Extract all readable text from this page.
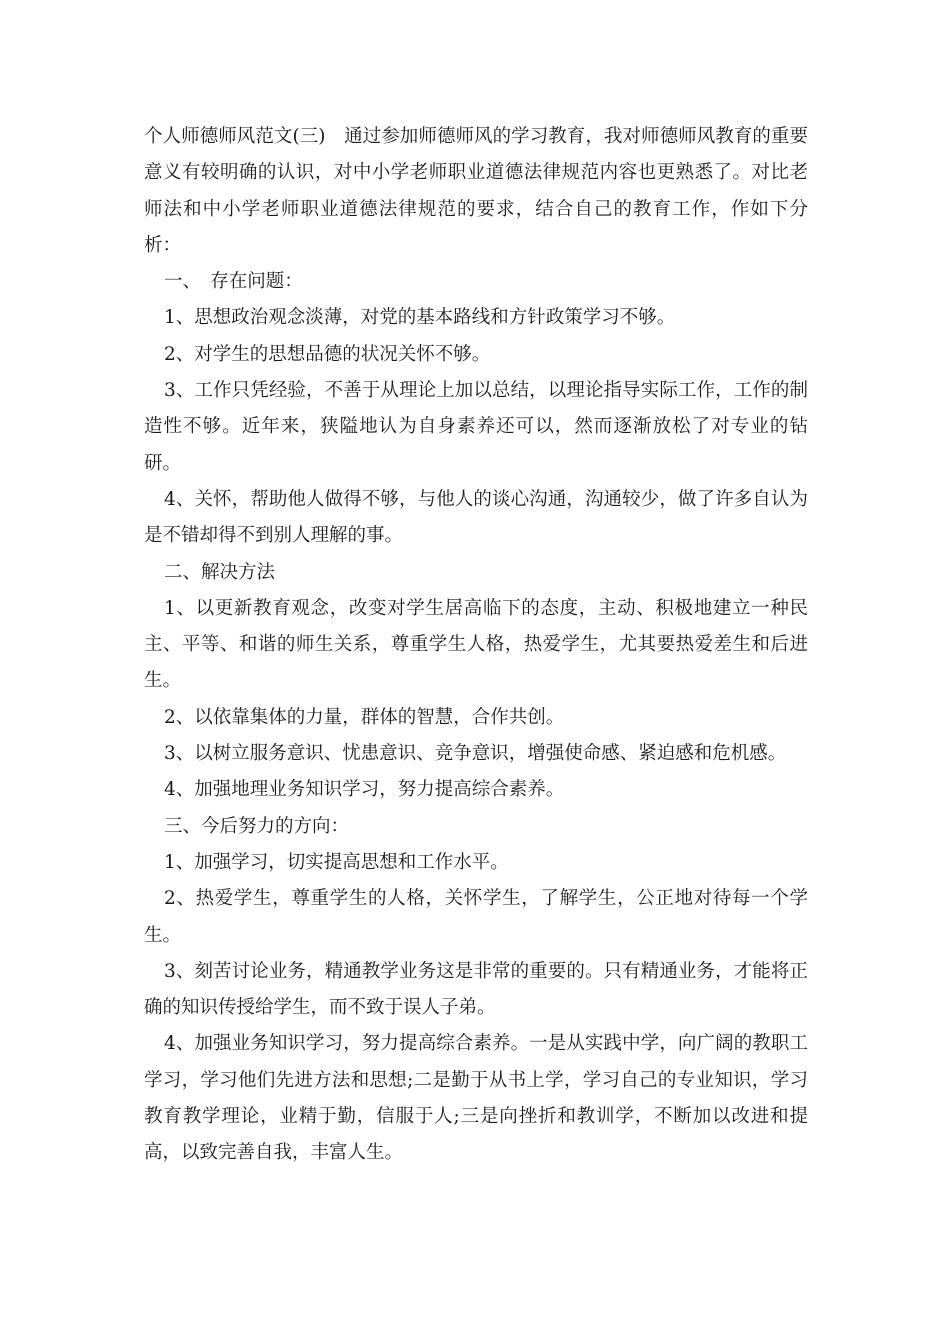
个人师德师风范文(三)　通过参加师德师风的学习教育，我对师德师风教育的重要意义有较明确的认识，对中小学老师职业道德法律规范内容也更熟悉了。对比老师法和中小学老师职业道德法律规范的要求，结合自己的教育工作，作如下分析：

一、　存在问题：

1、思想政治观念淡薄，对党的基本路线和方针政策学习不够。

2、对学生的思想品德的状况关怀不够。

3、工作只凭经验，不善于从理论上加以总结，以理论指导实际工作，工作的制造性不够。近年来，狭隘地认为自身素养还可以，然而逐渐放松了对专业的钻研。

4、关怀，帮助他人做得不够，与他人的谈心沟通，沟通较少，做了许多自认为是不错却得不到别人理解的事。

二、解决方法

1、以更新教育观念，改变对学生居高临下的态度，主动、积极地建立一种民主、平等、和谐的师生关系，尊重学生人格，热爱学生，尤其要热爱差生和后进生。

2、以依靠集体的力量，群体的智慧，合作共创。

3、以树立服务意识、忧患意识、竞争意识，增强使命感、紧迫感和危机感。

4、加强地理业务知识学习，努力提高综合素养。

三、今后努力的方向：

1、加强学习，切实提高思想和工作水平。

2、热爱学生，尊重学生的人格，关怀学生，了解学生，公正地对待每一个学生。

3、刻苦讨论业务，精通教学业务这是非常的重要的。只有精通业务，才能将正确的知识传授给学生，而不致于误人子弟。

4、加强业务知识学习，努力提高综合素养。一是从实践中学，向广阔的教职工学习，学习他们先进方法和思想;二是勤于从书上学，学习自己的专业知识，学习教育教学理论，业精于勤，信服于人;三是向挫折和教训学，不断加以改进和提高，以致完善自我，丰富人生。
